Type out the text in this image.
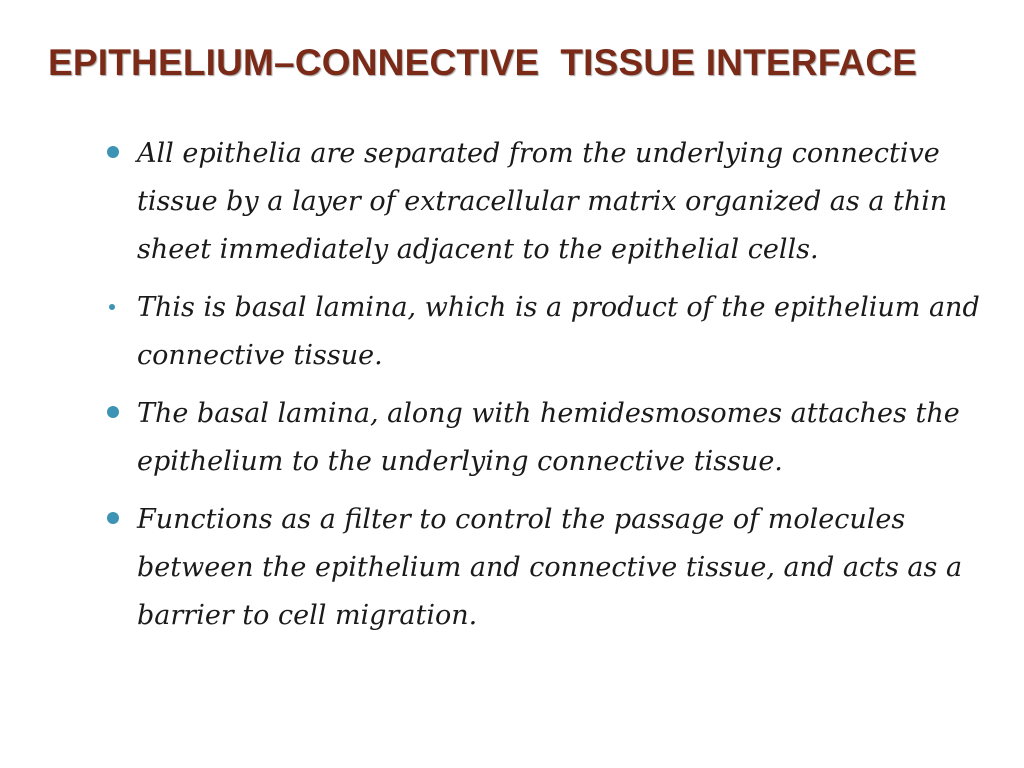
EPITHELIUM–CONNECTIVE  TISSUE INTERFACE
All epithelia are separated from the underlying connective tissue by a layer of extracellular matrix organized as a thin sheet immediately adjacent to the epithelial cells.
This is basal lamina, which is a product of the epithelium and connective tissue.
The basal lamina, along with hemidesmosomes attaches the epithelium to the underlying connective tissue.
Functions as a filter to control the passage of molecules between the epithelium and connective tissue, and acts as a barrier to cell migration.
